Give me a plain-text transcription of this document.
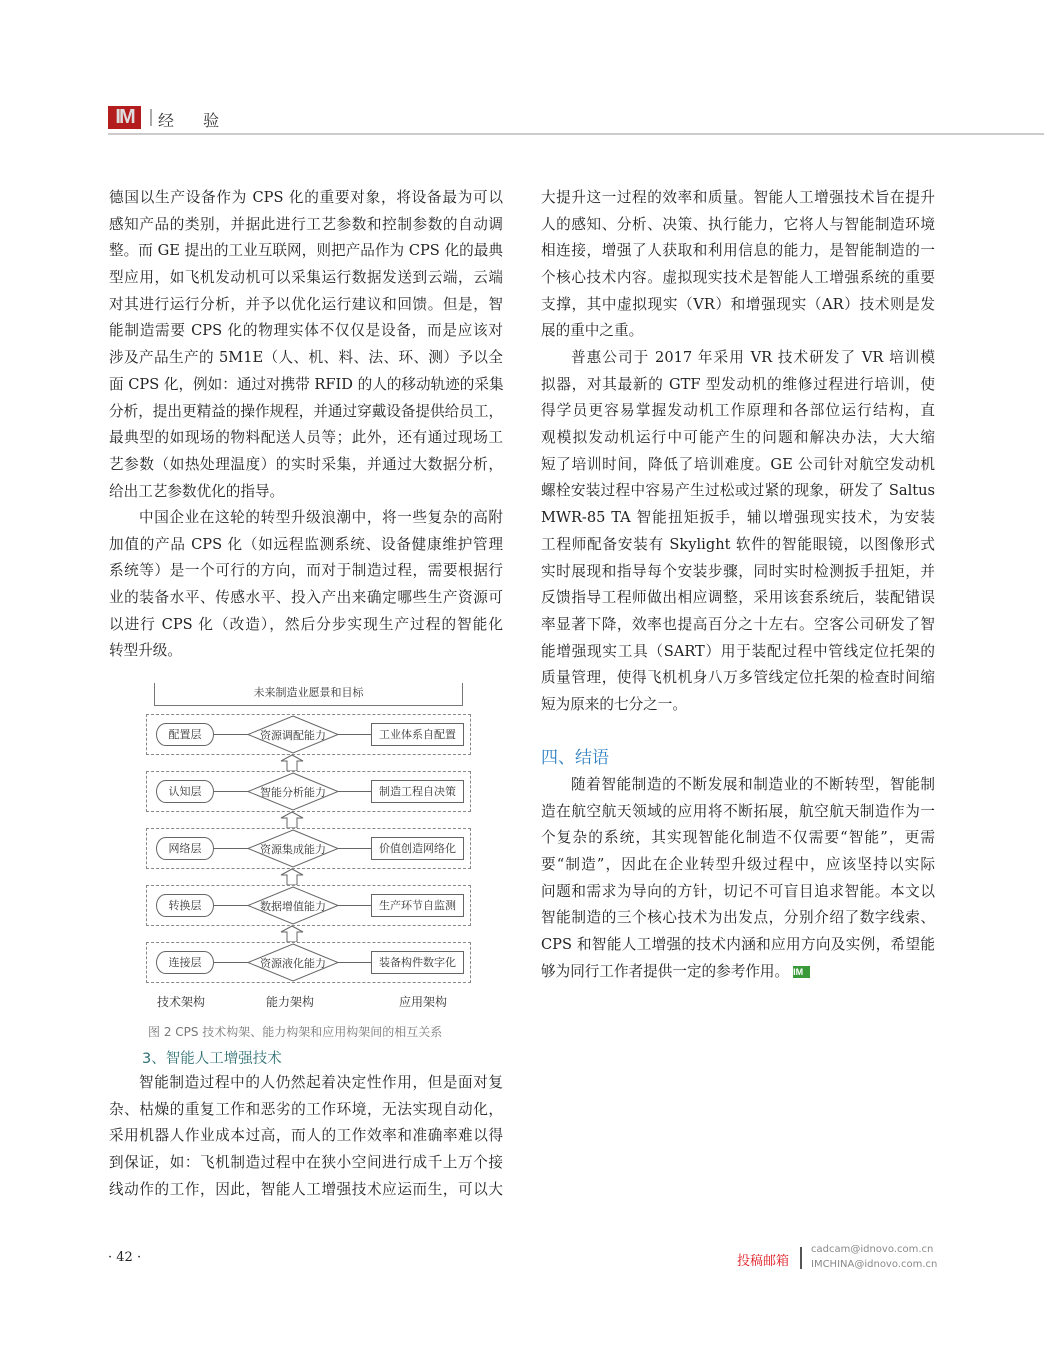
IM	经 验
德国以生产设备作为 CPS 化的重要对象，将设备最为可以
感知产品的类别，并据此进行工艺参数和控制参数的自动调
整。而 GE 提出的工业互联网，则把产品作为 CPS 化的最典
型应用，如飞机发动机可以采集运行数据发送到云端，云端
对其进行运行分析，并予以优化运行建议和回馈。但是，智
能制造需要 CPS 化的物理实体不仅仅是设备，而是应该对
涉及产品生产的 5M1E（人、机、料、法、环、测）予以全
面 CPS 化，例如：通过对携带 RFID 的人的移动轨迹的采集
分析，提出更精益的操作规程，并通过穿戴设备提供给员工，
最典型的如现场的物料配送人员等；此外，还有通过现场工
艺参数（如热处理温度）的实时采集，并通过大数据分析，
给出工艺参数优化的指导。
中国企业在这轮的转型升级浪潮中，将一些复杂的高附
加值的产品 CPS 化（如远程监测系统、设备健康维护管理
系统等）是一个可行的方向，而对于制造过程，需要根据行
业的装备水平、传感水平、投入产出来确定哪些生产资源可
以进行 CPS 化（改造），然后分步实现生产过程的智能化
转型升级。
未来制造业愿景和目标
配置层	资源调配能力	工业体系自配置
认知层	智能分析能力	制造工程自决策
网络层	资源集成能力	价值创造网络化
转换层	数据增值能力	生产环节自监测
连接层	资源液化能力	装备构件数字化
技术架构	能力架构	应用架构
图 2 CPS 技术构架、能力构架和应用构架间的相互关系
3、智能人工增强技术
智能制造过程中的人仍然起着决定性作用，但是面对复
杂、枯燥的重复工作和恶劣的工作环境，无法实现自动化，
采用机器人作业成本过高，而人的工作效率和准确率难以得
到保证，如：飞机制造过程中在狭小空间进行成千上万个接
线动作的工作，因此，智能人工增强技术应运而生，可以大
大提升这一过程的效率和质量。智能人工增强技术旨在提升
人的感知、分析、决策、执行能力，它将人与智能制造环境
相连接，增强了人获取和利用信息的能力，是智能制造的一
个核心技术内容。虚拟现实技术是智能人工增强系统的重要
支撑，其中虚拟现实（VR）和增强现实（AR）技术则是发
展的重中之重。
普惠公司于 2017 年采用 VR 技术研发了 VR 培训模
拟器，对其最新的 GTF 型发动机的维修过程进行培训，使
得学员更容易掌握发动机工作原理和各部位运行结构，直
观模拟发动机运行中可能产生的问题和解决办法，大大缩
短了培训时间，降低了培训难度。GE 公司针对航空发动机
螺栓安装过程中容易产生过松或过紧的现象，研发了 Saltus
MWR-85 TA 智能扭矩扳手，辅以增强现实技术，为安装
工程师配备安装有 Skylight 软件的智能眼镜，以图像形式
实时展现和指导每个安装步骤，同时实时检测扳手扭矩，并
反馈指导工程师做出相应调整，采用该套系统后，装配错误
率显著下降，效率也提高百分之十左右。空客公司研发了智
能增强现实工具（SART）用于装配过程中管线定位托架的
质量管理，使得飞机机身八万多管线定位托架的检查时间缩
短为原来的七分之一。
四、结语
随着智能制造的不断发展和制造业的不断转型，智能制
造在航空航天领域的应用将不断拓展，航空航天制造作为一
个复杂的系统，其实现智能化制造不仅需要“智能”，更需
要“制造”，因此在企业转型升级过程中，应该坚持以实际
问题和需求为导向的方针，切记不可盲目追求智能。本文以
智能制造的三个核心技术为出发点，分别介绍了数字线索、
CPS 和智能人工增强的技术内涵和应用方向及实例，希望能
够为同行工作者提供一定的参考作用。 IM
· 42 ·	投稿邮箱
cadcam@idnovo.com.cn
IMCHINA@idnovo.com.cn
